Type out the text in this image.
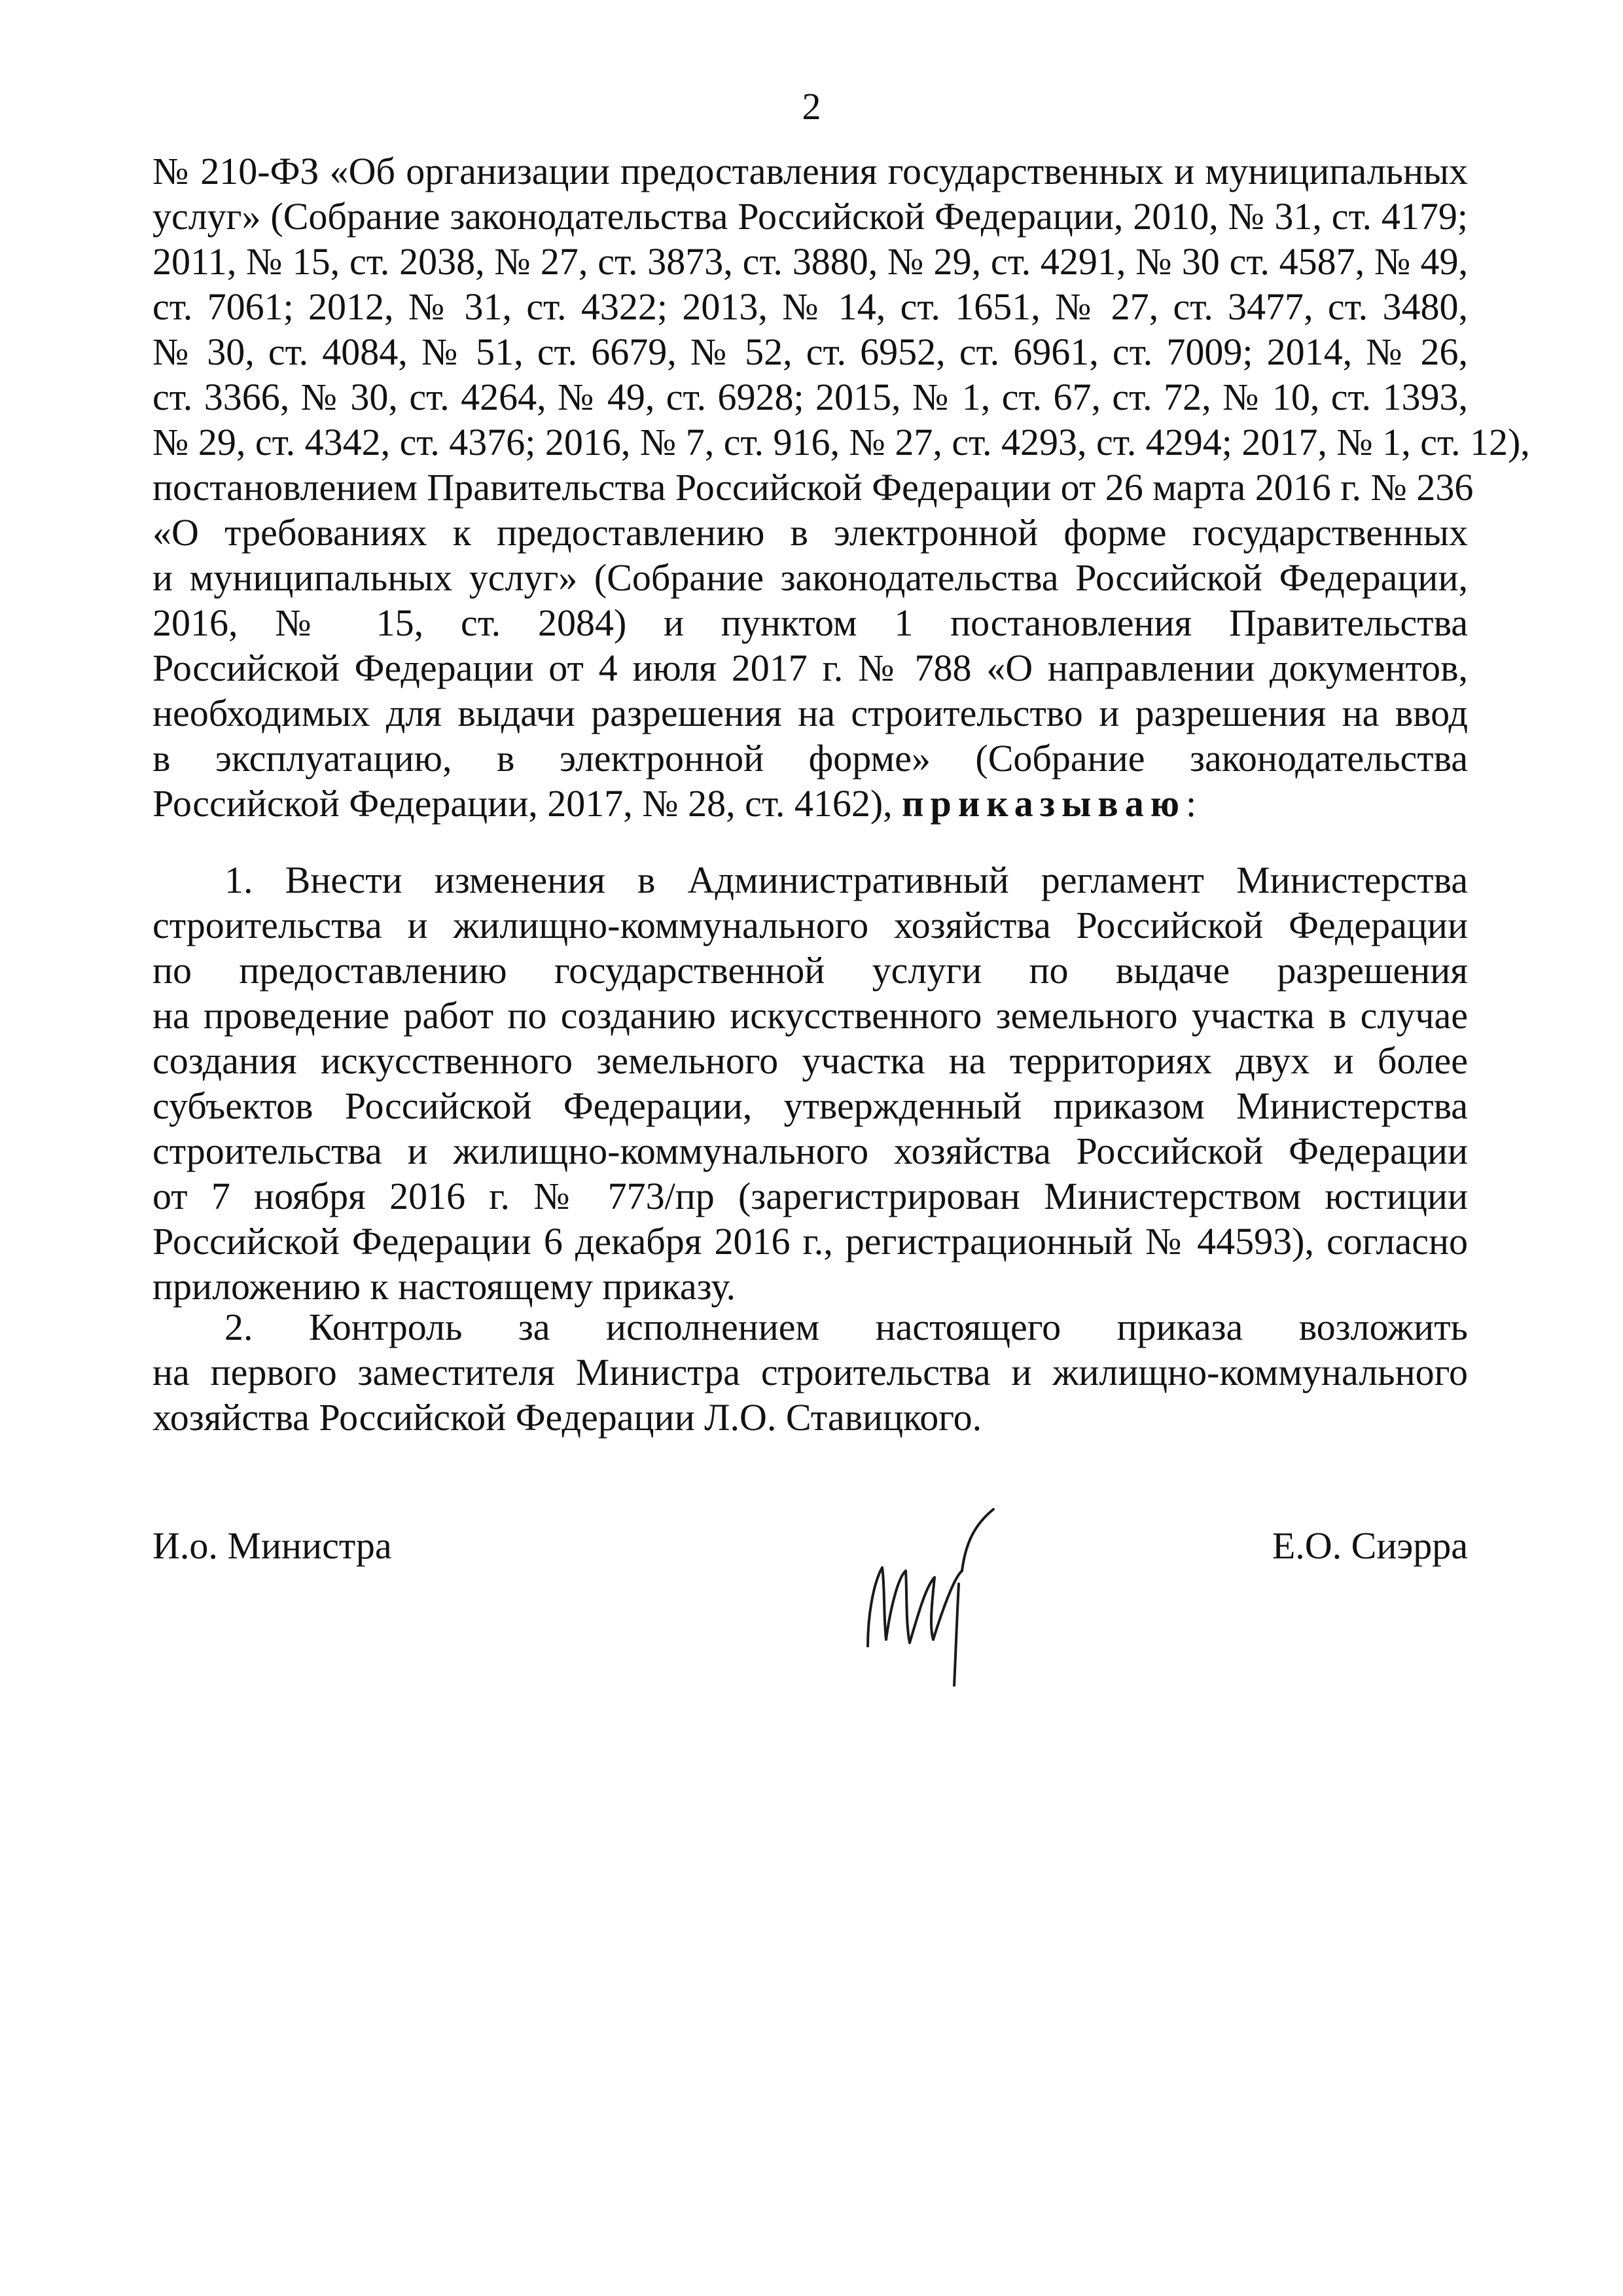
2
№ 210-ФЗ «Об организации предоставления государственных и муниципальных
услуг» (Собрание законодательства Российской Федерации, 2010, № 31, ст. 4179;
2011, № 15, ст. 2038, № 27, ст. 3873, ст. 3880, № 29, ст. 4291, № 30 ст. 4587, № 49,
ст. 7061; 2012, № 31, ст. 4322; 2013, № 14, ст. 1651, № 27, ст. 3477, ст. 3480,
№ 30, ст. 4084, № 51, ст. 6679, № 52, ст. 6952, ст. 6961, ст. 7009; 2014, № 26,
ст. 3366, № 30, ст. 4264, № 49, ст. 6928; 2015, № 1, ст. 67, ст. 72, № 10, ст. 1393,
№ 29, ст. 4342, ст. 4376; 2016, № 7, ст. 916, № 27, ст. 4293, ст. 4294; 2017, № 1, ст. 12),
постановлением Правительства Российской Федерации от 26 марта 2016 г. № 236
«О требованиях к предоставлению в электронной форме государственных
и муниципальных услуг» (Собрание законодательства Российской Федерации,
2016, № 15, ст. 2084) и пунктом 1 постановления Правительства
Российской Федерации от 4 июля 2017 г. № 788 «О направлении документов,
необходимых для выдачи разрешения на строительство и разрешения на ввод
в эксплуатацию, в электронной форме» (Собрание законодательства
Российской Федерации, 2017, № 28, ст. 4162), приказываю:
1. Внести изменения в Административный регламент Министерства
строительства и жилищно-коммунального хозяйства Российской Федерации
по предоставлению государственной услуги по выдаче разрешения
на проведение работ по созданию искусственного земельного участка в случае
создания искусственного земельного участка на территориях двух и более
субъектов Российской Федерации, утвержденный приказом Министерства
строительства и жилищно-коммунального хозяйства Российской Федерации
от 7 ноября 2016 г. № 773/пр (зарегистрирован Министерством юстиции
Российской Федерации 6 декабря 2016 г., регистрационный № 44593), согласно
приложению к настоящему приказу.
2. Контроль за исполнением настоящего приказа возложить
на первого заместителя Министра строительства и жилищно-коммунального
хозяйства Российской Федерации Л.О. Ставицкого.
И.о. Министра	Е.О. Сиэрра
